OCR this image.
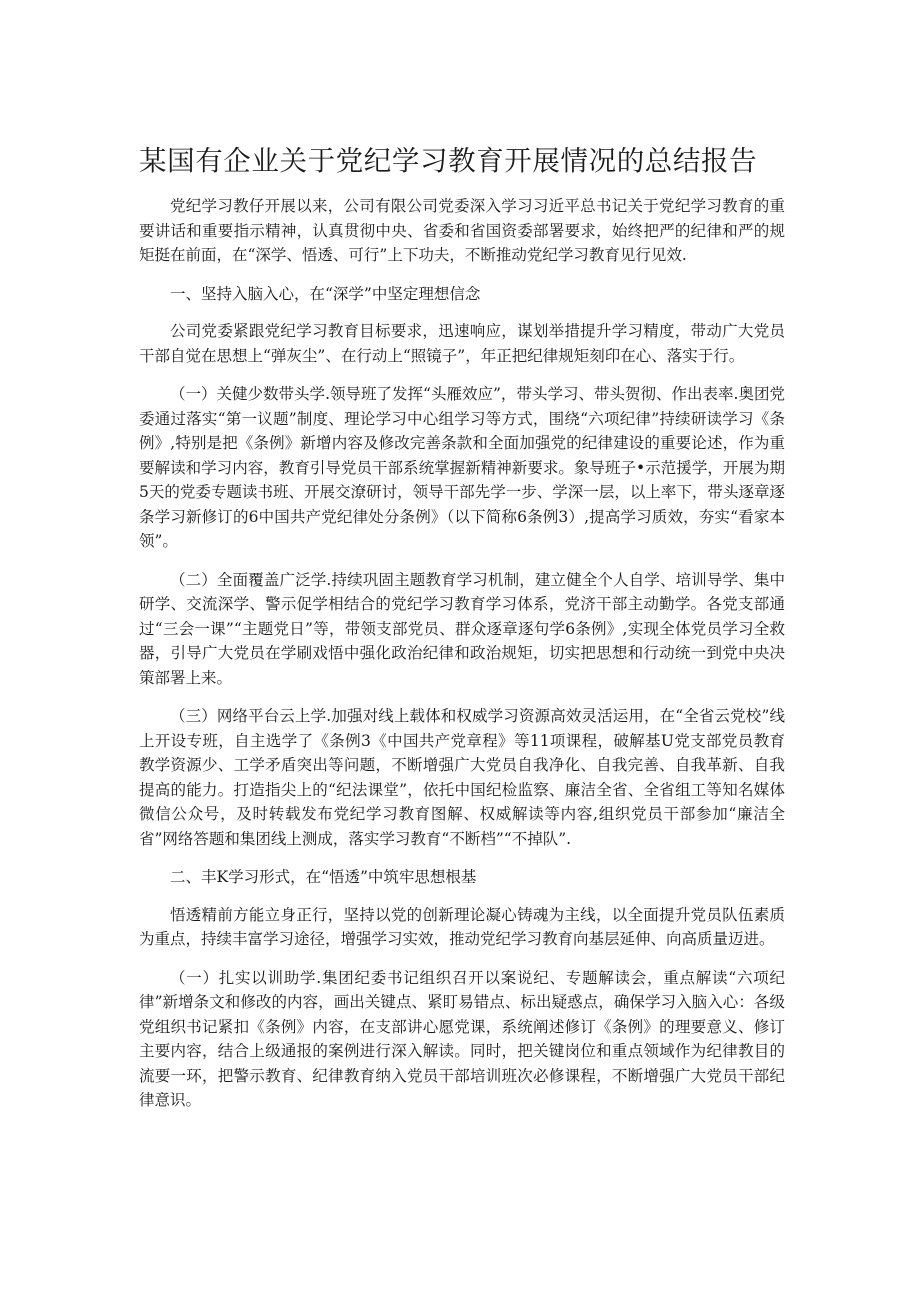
某国有企业关于党纪学习教育开展情况的总结报告

党纪学习教仔开展以来，公司有限公司党委深入学习习近平总书记关于党纪学习教育的重要讲话和重要指示精神，认真贯彻中央、省委和省国资委部署要求，始终把严的纪律和严的规矩挺在前面，在“深学、悟透、可行”上下功夫，不断推动党纪学习教育见行见效.

一、坚持入脑入心，在“深学”中坚定理想信念

公司党委紧跟党纪学习教育目标要求，迅速响应，谋划举措提升学习精度，带动广大党员干部自觉在思想上“弹灰尘”、在行动上“照镜子”，年正把纪律规矩刻印在心、落实于行。

（一）关健少数带头学.领导班了发挥“头雁效应”，带头学习、带头贺彻、作出表率.奥团党委通过落实“第一议题”制度、理论学习中心组学习等方式，围绕“六项纪律”持续研读学习《条例》,特别是把《条例》新增内容及修改完善条款和全面加强党的纪律建设的重要论述，作为重要解读和学习内容，教育引导党员干部系统掌握新精神新要求。象导班子•示范援学，开展为期5天的党委专题读书班、开展交潦研讨，领导干部先学一步、学深一层，以上率下，带头逐章逐条学习新修订的6中国共产党纪律处分条例》（以下简称6条例3）,提高学习质效，夯实“看家本领”。

（二）全面覆盖广泛学.持续巩固主题教育学习机制，建立健全个人自学、培训导学、集中研学、交流深学、警示促学相结合的党纪学习教育学习体系，党济干部主动勤学。各党支部通过“三会一课”“主题党日”等，带领支部党员、群众逐章逐句学6条例》,实现全体党员学习全救器，引导广大党员在学刷戏悟中强化政治纪律和政治规矩，切实把思想和行动统一到党中央决策部署上来。

（三）网络平台云上学.加强对线上载体和权威学习资源高效灵活运用，在“全省云党校”线上开设专班，自主选学了《条例3《中国共产党章程》等11项课程，破解基U党支部党员教育教学资源少、工学矛盾突出等问题，不断增强广大党员自我净化、自我完善、自我革新、自我提高的能力。打造指尖上的“纪法课堂”，依托中国纪检监察、廉洁全省、全省组工等知名媒体微信公众号，及时转载发布党纪学习教育图解、权威解读等内容,组织党员干部参加“廉洁全省”网络答题和集团线上测成，落实学习教育“不断档”“不掉队”.

二、丰K学习形式，在“悟透”中筑牢思想根基

悟透精前方能立身正行，坚持以党的创新理论凝心铸魂为主线，以全面提升党员队伍素质为重点，持续丰富学习途径，增强学习实效，推动党纪学习教育向基层延伸、向高质量迈进。

（一）扎实以训助学.集团纪委书记组织召开以案说纪、专题解读会，重点解读“六项纪律”新增条文和修改的内容，画出关键点、紧盯易错点、标出疑惑点，确保学习入脑入心：各级党组织书记紧扣《条例》内容，在支部讲心愿党课，系统阐述修订《条例》的理要意义、修订主要内容，结合上级通报的案例进行深入解读。同时，把关键岗位和重点领域作为纪律教目的流要一环，把警示教育、纪律教育纳入党员干部培训班次必修课程，不断增强广大党员干部纪律意识。
